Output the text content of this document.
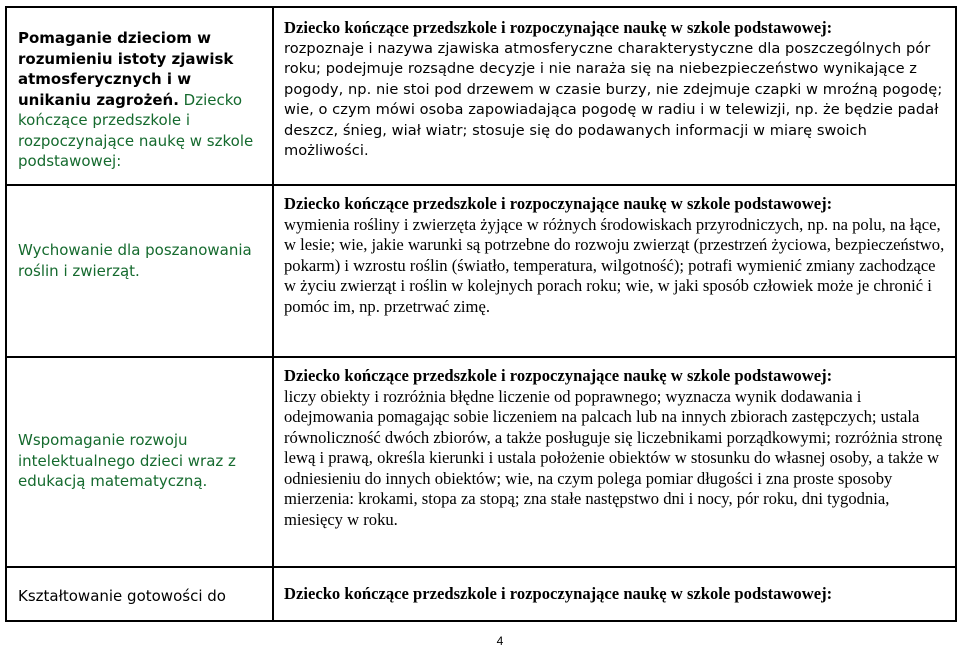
Pomaganie dzieciom w rozumieniu istoty zjawisk atmosferycznych i w unikaniu zagrożeń. Dziecko kończące przedszkole i rozpoczynające naukę w szkole podstawowej:	Dziecko kończące przedszkole i rozpoczynające naukę w szkole podstawowej:
rozpoznaje i nazywa zjawiska atmosferyczne charakterystyczne dla poszczególnych pór roku; podejmuje rozsądne decyzje i nie naraża się na niebezpieczeństwo wynikające z pogody, np. nie stoi pod drzewem w czasie burzy, nie zdejmuje czapki w mroźną pogodę; wie, o czym mówi osoba zapowiadająca pogodę w radiu i w telewizji, np. że będzie padał deszcz, śnieg, wiał wiatr; stosuje się do podawanych informacji w miarę swoich możliwości.

Wychowanie dla poszanowania roślin i zwierząt.	Dziecko kończące przedszkole i rozpoczynające naukę w szkole podstawowej:
wymienia rośliny i zwierzęta żyjące w różnych środowiskach przyrodniczych, np. na polu, na łące, w lesie; wie, jakie warunki są potrzebne do rozwoju zwierząt (przestrzeń życiowa, bezpieczeństwo, pokarm) i wzrostu roślin (światło, temperatura, wilgotność); potrafi wymienić zmiany zachodzące w życiu zwierząt i roślin w kolejnych porach roku; wie, w jaki sposób człowiek może je chronić i pomóc im, np. przetrwać zimę.

Wspomaganie rozwoju intelektualnego dzieci wraz z edukacją matematyczną.	Dziecko kończące przedszkole i rozpoczynające naukę w szkole podstawowej:
liczy obiekty i rozróżnia błędne liczenie od poprawnego; wyznacza wynik dodawania i odejmowania pomagając sobie liczeniem na palcach lub na innych zbiorach zastępczych; ustala równoliczność dwóch zbiorów, a także posługuje się liczebnikami porządkowymi; rozróżnia stronę lewą i prawą, określa kierunki i ustala położenie obiektów w stosunku do własnej osoby, a także w odniesieniu do innych obiektów; wie, na czym polega pomiar długości i zna proste sposoby mierzenia: krokami, stopa za stopą; zna stałe następstwo dni i nocy, pór roku, dni tygodnia, miesięcy w roku.

Kształtowanie gotowości do	Dziecko kończące przedszkole i rozpoczynające naukę w szkole podstawowej:
4
